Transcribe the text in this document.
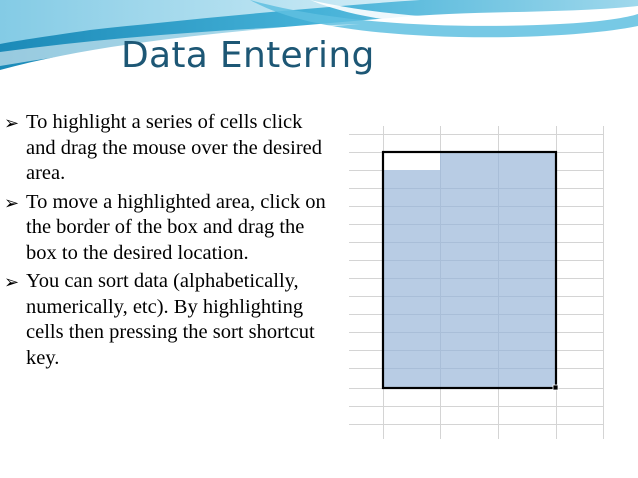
Data Entering
➢ To highlight a series of cells click and drag the mouse over the desired area.
➢ To move a highlighted area, click on the border of the box and drag the box to the desired location.
➢ You can sort data (alphabetically, numerically, etc). By highlighting cells then pressing the sort shortcut key.
